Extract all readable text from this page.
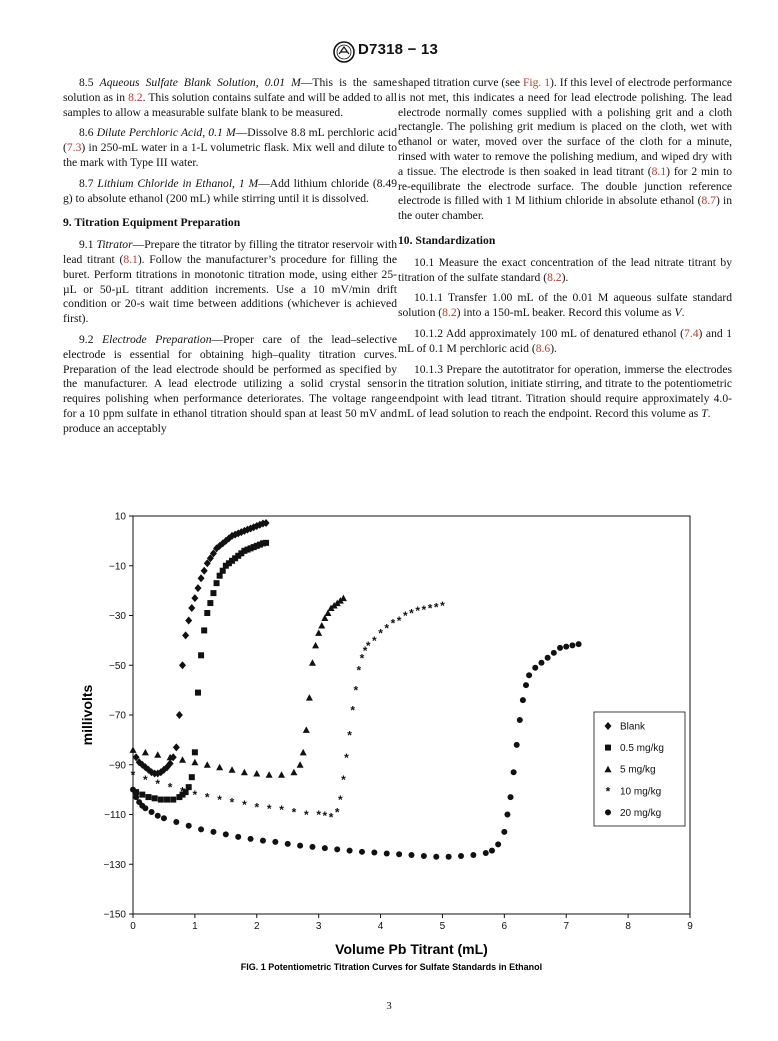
D7318 − 13

8.5 Aqueous Sulfate Blank Solution, 0.01 M—This is the same solution as in 8.2. This solution contains sulfate and will be added to all samples to allow a measurable sulfate blank to be measured.

8.6 Dilute Perchloric Acid, 0.1 M—Dissolve 8.8 mL perchloric acid (7.3) in 250-mL water in a 1-L volumetric flask. Mix well and dilute to the mark with Type III water.

8.7 Lithium Chloride in Ethanol, 1 M—Add lithium chloride (8.49 g) to absolute ethanol (200 mL) while stirring until it is dissolved.

9. Titration Equipment Preparation

9.1 Titrator—Prepare the titrator by filling the titrator reservoir with lead titrant (8.1). Follow the manufacturer’s procedure for filling the buret. Perform titrations in monotonic titration mode, using either 25-µL or 50-µL titrant addition increments. Use a 10 mV/min drift condition or 20-s wait time between additions (whichever is achieved first).

9.2 Electrode Preparation—Proper care of the lead–selective electrode is essential for obtaining high–quality titration curves. Preparation of the lead electrode should be performed as specified by the manufacturer. A lead electrode utilizing a solid crystal sensor requires polishing when performance deteriorates. The voltage range for a 10 ppm sulfate in ethanol titration should span at least 50 mV and produce an acceptably

shaped titration curve (see Fig. 1). If this level of electrode performance is not met, this indicates a need for lead electrode polishing. The lead electrode normally comes supplied with a polishing grit and a cloth rectangle. The polishing grit medium is placed on the cloth, wet with ethanol or water, moved over the surface of the cloth for a minute, rinsed with water to remove the polishing medium, and wiped dry with a tissue. The electrode is then soaked in lead titrant (8.1) for 2 min to re-equilibrate the electrode surface. The double junction reference electrode is filled with 1 M lithium chloride in absolute ethanol (8.7) in the outer chamber.

10. Standardization

10.1 Measure the exact concentration of the lead nitrate titrant by titration of the sulfate standard (8.2).

10.1.1 Transfer 1.00 mL of the 0.01 M aqueous sulfate standard solution (8.2) into a 150-mL beaker. Record this volume as V.

10.1.2 Add approximately 100 mL of denatured ethanol (7.4) and 1 mL of 0.1 M perchloric acid (8.6).

10.1.3 Prepare the autotitrator for operation, immerse the electrodes in the titration solution, initiate stirring, and titrate to the potentiometric endpoint with lead titrant. Titration should require approximately 4.0-mL of lead solution to reach the endpoint. Record this volume as T.

0	1	2	3	4	5	6	7	8	9
10
−10
−30
−50
−70
−90
−110
−130
−150
* * * * * * * * * * * * * * * * * * *
*
*
*
*
*
*
*
*
*
* *
* * * * * * * * * * *
Volume Pb Titrant (mL)
millivolts
FIG. 1 Potentiometric Titration Curves for Sulfate Standards in Ethanol
Blank
0.5 mg/kg
5 mg/kg
* 10 mg/kg
20 mg/kg
3
